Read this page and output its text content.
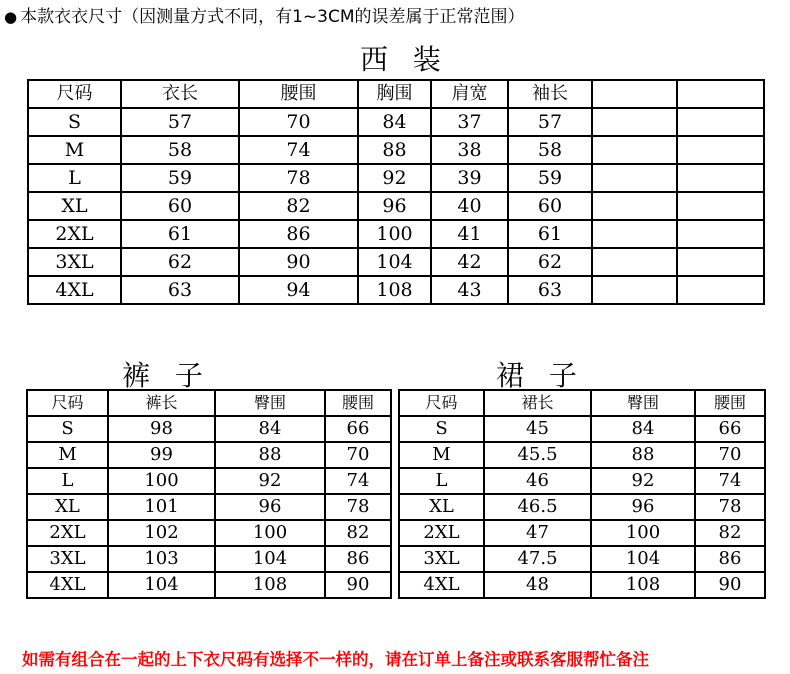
● 本款衣衣尺寸（因测量方式不同，有1~3CM的误差属于正常范围）
西 装
尺码	衣长	腰围	胸围	肩宽	袖长		
S	57	70	84	37	57		
M	58	74	88	38	58		
L	59	78	92	39	59		
XL	60	82	96	40	60		
2XL	61	86	100	41	61		
3XL	62	90	104	42	62		
4XL	63	94	108	43	63		
裤 子	裙 子
尺码	裤长	臀围	腰围
S	98	84	66
M	99	88	70
L	100	92	74
XL	101	96	78
2XL	102	100	82
3XL	103	104	86
4XL	104	108	90
尺码	裙长	臀围	腰围
S	45	84	66
M	45.5	88	70
L	46	92	74
XL	46.5	96	78
2XL	47	100	82
3XL	47.5	104	86
4XL	48	108	90
如需有组合在一起的上下衣尺码有选择不一样的，请在订单上备注或联系客服帮忙备注
